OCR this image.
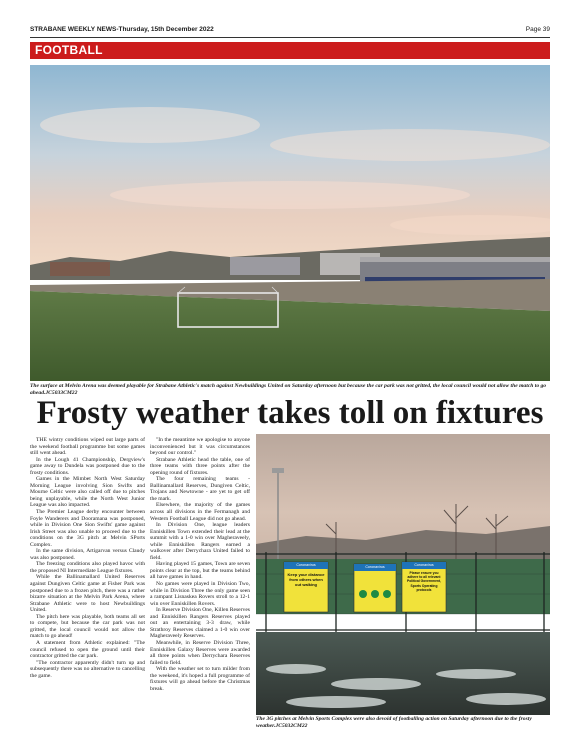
STRABANE WEEKLY NEWS-Thursday, 15th December 2022	Page 39
FOOTBALL
The surface at Melvin Arena was deemed playable for Strabane Athletic's match against Newbuildings United on Saturday afternoon but because the car park was not gritted, the local council would not allow the match to go ahead.JC5033CM22
Frosty weather takes toll on fixtures

THE wintry conditions wiped out large parts of the weekend football programme but some games still went ahead.

In the Lough 41 Championship, Dergview's game away to Dundela was postponed due to the frosty conditions.

Games in the Mimbet North West Saturday Morning League involving Sion Swifts and Mourne Celtic were also called off due to pitches being unplayable, while the North West Junior League was also impacted.

The Premier League derby encounter between Foyle Wanderers and Dooramana was postponed, while in Division One Sion Swifts' game against Irish Street was also unable to proceed due to the conditions on the 3G pitch at Melvin SPorts Complex.

In the same division, Artigarvan versus Claudy was also postponed.

The freezing conditions also played havoc with the proposed NI Intermediate League fixtures.

While the Ballinamallard United Reserves against Dungiven Celtic game at Fisher Park was postponed due to a frozen pitch, there was a rather bizarre situation at the Melvin Park Arena, where Strabane Athletic were to host Newbuildings United.

The pitch here was playable, both teams all set to compete, but because the car park was not gritted, the local council would not allow the match to go ahead!

A statement from Athletic explained: "The council refused to open the ground until their contractor gritted the car park.

"The contractor apparently didn't turn up and subsequently there was no alternative to cancelling the game.

"In the meantime we apologise to anyone inconvenienced but it was circumstances beyond our control."

Strabane Athletic head the table, one of three teams with three points after the opening round of fixtures.

The four remaining teams - Ballinamallard Reserves, Dungiven Celtic, Trojans and Newtowne - are yet to get off the mark.

Elsewhere, the majority of the games across all divisions in the Fermanagh and Western Football League did not go ahead.

In Division One, league leaders Enniskillen Town extended their lead at the summit with a 1-0 win over Magheraveely, while Enniskillen Rangers earned a walkover after Derrychara United failed to field.

Having played 15 games, Town are seven points clear at the top, but the teams behind all have games in hand.

No games were played in Division Two, while in Division Three the only game seen a rampant Lisnaskea Rovers stroll to a 12-1 win over Enniskillen Rovers.

In Reserve Division One, Killen Reserves and Enniskillen Rangers Reserves played out an entertaining 3-3 draw, while Strathroy Reserves claimed a 1-0 win over Magheraveely Reserves.

Meanwhile, in Reserve Division Three, Enniskillen Galaxy Reserves were awarded all three points when Derrychara Reserves failed to field.

With the weather set to turn milder from the weekend, it's hoped a full programme of fixtures will go ahead before the Christmas break.

Coronavirus
Keep your distance from others when out walking
Coronavirus	Coronavirus
Please ensure you adhere to all relevant Political Government, Sports Operating protocols
The 3G pitches at Melvin Sports Complex were also devoid of footballing action on Saturday afternoon due to the frosty weather.JC5032CM22
